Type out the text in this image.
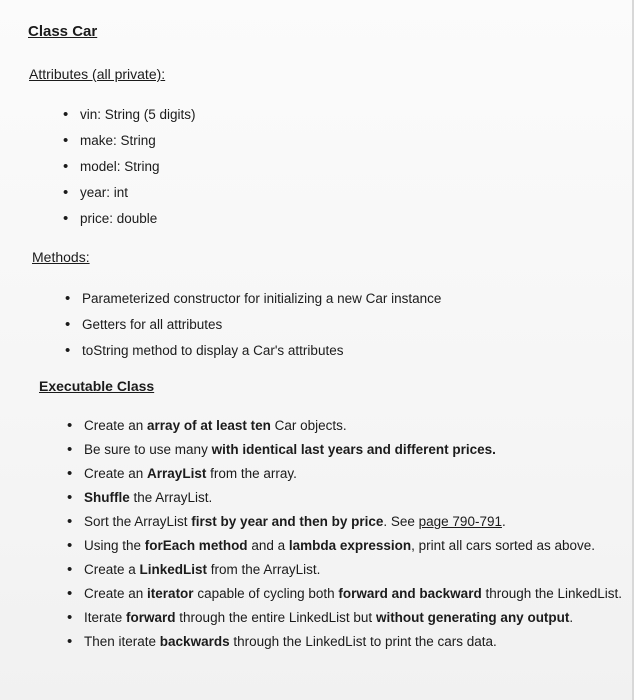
Class Car
Attributes (all private):
• vin: String (5 digits)
• make: String
• model: String
• year: int
• price: double
Methods:
• Parameterized constructor for initializing a new Car instance
• Getters for all attributes
• toString method to display a Car's attributes
Executable Class
• Create an array of at least ten Car objects.
• Be sure to use many with identical last years and different prices.
• Create an ArrayList from the array.
• Shuffle the ArrayList.
• Sort the ArrayList first by year and then by price. See page 790-791.
• Using the forEach method and a lambda expression, print all cars sorted as above.
• Create a LinkedList from the ArrayList.
• Create an iterator capable of cycling both forward and backward through the LinkedList.
• Iterate forward through the entire LinkedList but without generating any output.
• Then iterate backwards through the LinkedList to print the cars data.
